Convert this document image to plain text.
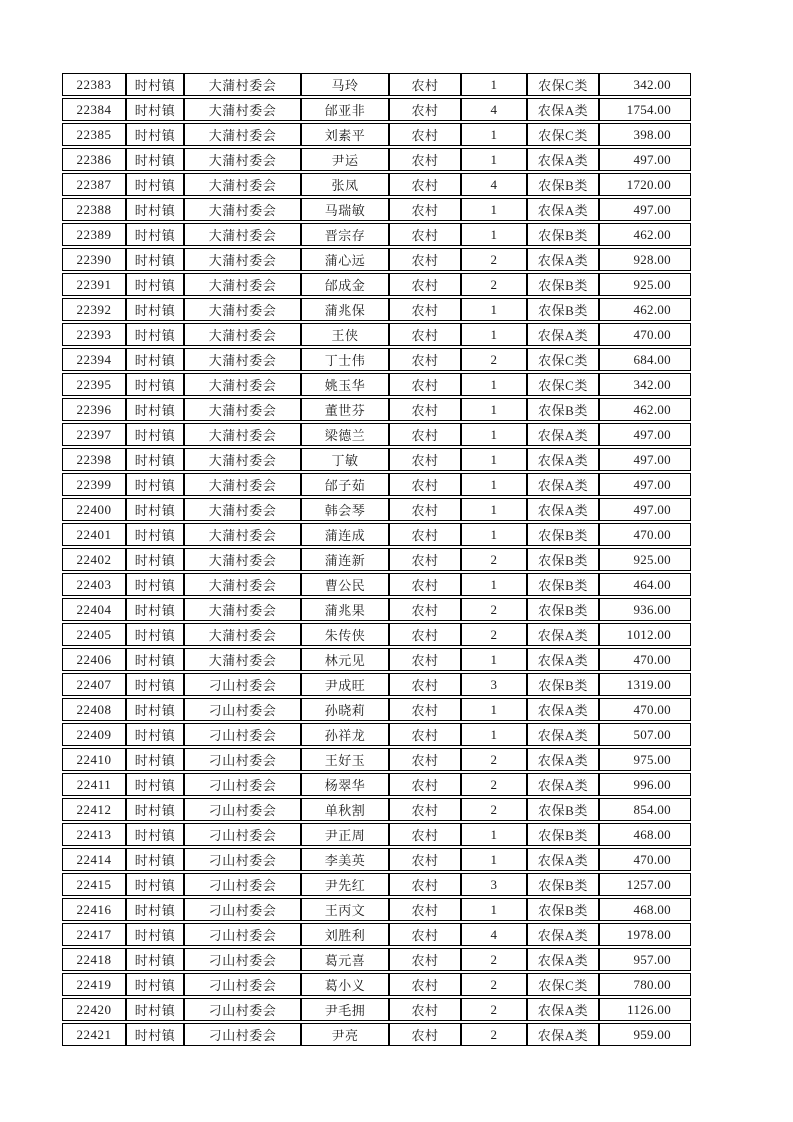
22383	时村镇	大蒲村委会	马玲	农村	1	农保C类	342.00
22384	时村镇	大蒲村委会	邰亚非	农村	4	农保A类	1754.00
22385	时村镇	大蒲村委会	刘素平	农村	1	农保C类	398.00
22386	时村镇	大蒲村委会	尹运	农村	1	农保A类	497.00
22387	时村镇	大蒲村委会	张凤	农村	4	农保B类	1720.00
22388	时村镇	大蒲村委会	马瑞敏	农村	1	农保A类	497.00
22389	时村镇	大蒲村委会	晋宗存	农村	1	农保B类	462.00
22390	时村镇	大蒲村委会	蒲心远	农村	2	农保A类	928.00
22391	时村镇	大蒲村委会	邰成金	农村	2	农保B类	925.00
22392	时村镇	大蒲村委会	蒲兆保	农村	1	农保B类	462.00
22393	时村镇	大蒲村委会	王侠	农村	1	农保A类	470.00
22394	时村镇	大蒲村委会	丁士伟	农村	2	农保C类	684.00
22395	时村镇	大蒲村委会	姚玉华	农村	1	农保C类	342.00
22396	时村镇	大蒲村委会	董世芬	农村	1	农保B类	462.00
22397	时村镇	大蒲村委会	梁德兰	农村	1	农保A类	497.00
22398	时村镇	大蒲村委会	丁敏	农村	1	农保A类	497.00
22399	时村镇	大蒲村委会	邰子茹	农村	1	农保A类	497.00
22400	时村镇	大蒲村委会	韩会琴	农村	1	农保A类	497.00
22401	时村镇	大蒲村委会	蒲连成	农村	1	农保B类	470.00
22402	时村镇	大蒲村委会	蒲连新	农村	2	农保B类	925.00
22403	时村镇	大蒲村委会	曹公民	农村	1	农保B类	464.00
22404	时村镇	大蒲村委会	蒲兆果	农村	2	农保B类	936.00
22405	时村镇	大蒲村委会	朱传侠	农村	2	农保A类	1012.00
22406	时村镇	大蒲村委会	林元见	农村	1	农保A类	470.00
22407	时村镇	刁山村委会	尹成旺	农村	3	农保B类	1319.00
22408	时村镇	刁山村委会	孙晓莉	农村	1	农保A类	470.00
22409	时村镇	刁山村委会	孙祥龙	农村	1	农保A类	507.00
22410	时村镇	刁山村委会	王好玉	农村	2	农保A类	975.00
22411	时村镇	刁山村委会	杨翠华	农村	2	农保A类	996.00
22412	时村镇	刁山村委会	单秋割	农村	2	农保B类	854.00
22413	时村镇	刁山村委会	尹正周	农村	1	农保B类	468.00
22414	时村镇	刁山村委会	李美英	农村	1	农保A类	470.00
22415	时村镇	刁山村委会	尹先红	农村	3	农保B类	1257.00
22416	时村镇	刁山村委会	王丙文	农村	1	农保B类	468.00
22417	时村镇	刁山村委会	刘胜利	农村	4	农保A类	1978.00
22418	时村镇	刁山村委会	葛元喜	农村	2	农保A类	957.00
22419	时村镇	刁山村委会	葛小义	农村	2	农保C类	780.00
22420	时村镇	刁山村委会	尹毛拥	农村	2	农保A类	1126.00
22421	时村镇	刁山村委会	尹亮	农村	2	农保A类	959.00
